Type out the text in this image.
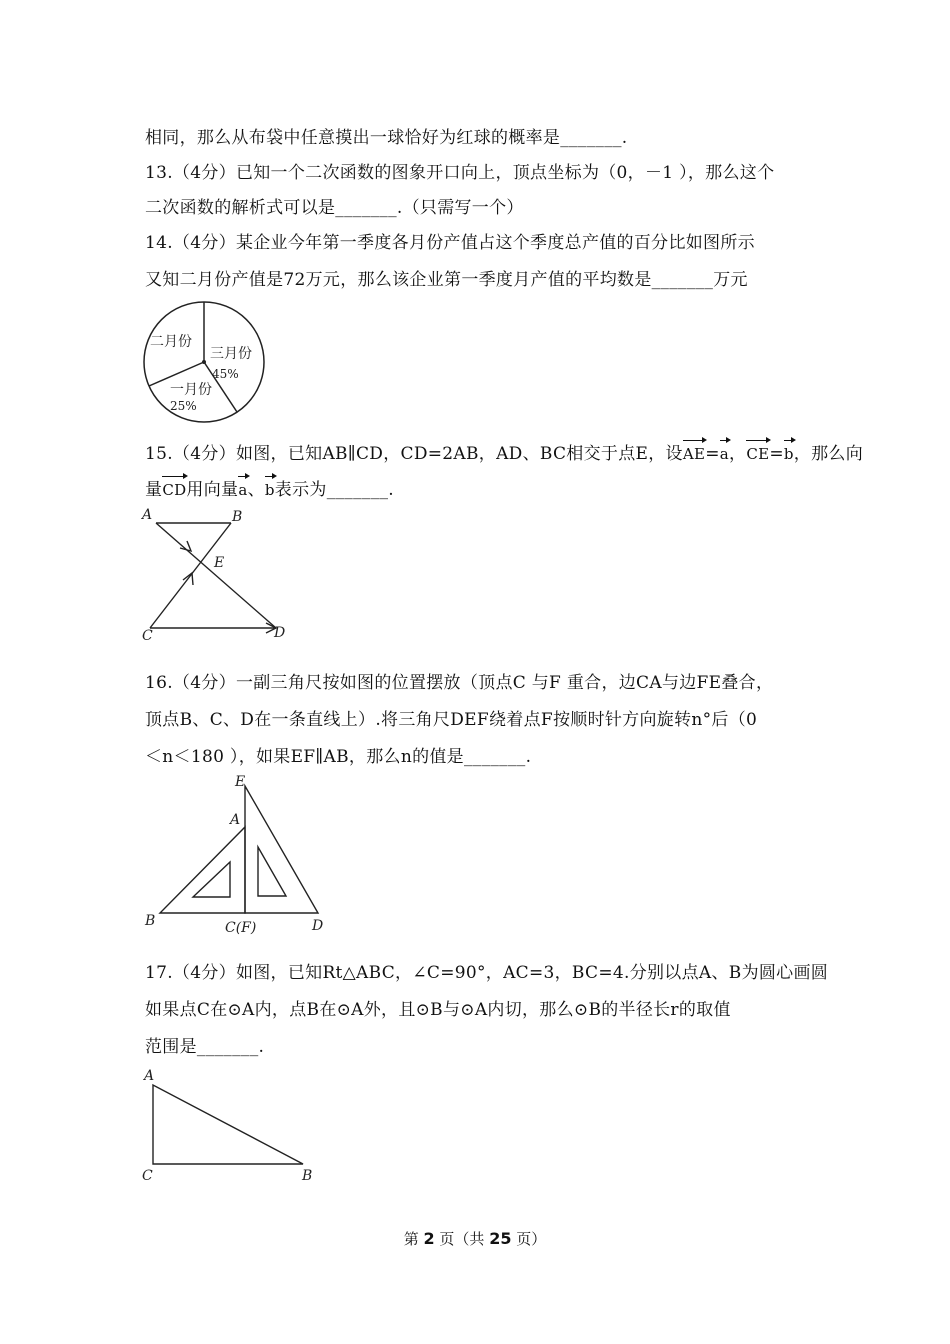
相同，那么从布袋中任意摸出一球恰好为红球的概率是_______.
13.（4分）已知一个二次函数的图象开口向上，顶点坐标为（0，－1 ），那么这个
二次函数的解析式可以是_______.（只需写一个）
14.（4分）某企业今年第一季度各月份产值占这个季度总产值的百分比如图所示
又知二月份产值是72万元，那么该企业第一季度月产值的平均数是_______万元
二月份
三月份
45%
一月份
25%
15.（4分）如图，已知AB∥CD，CD=2AB，AD、BC相交于点E，设AE=a，CE=b，那么向
量CD用向量a、b表示为_______.
A	B
E
C	D
16.（4分）一副三角尺按如图的位置摆放（顶点C 与F 重合，边CA与边FE叠合，
顶点B、C、D在一条直线上）.将三角尺DEF绕着点F按顺时针方向旋转n°后（0
＜n＜180 ），如果EF∥AB，那么n的值是_______.
E
A
B	C(F)	D
17.（4分）如图，已知Rt△ABC，∠C=90°，AC=3，BC=4.分别以点A、B为圆心画圆
如果点C在⊙A内，点B在⊙A外，且⊙B与⊙A内切，那么⊙B的半径长r的取值
范围是_______.
A
C	B
第 2 页（共 25 页）
